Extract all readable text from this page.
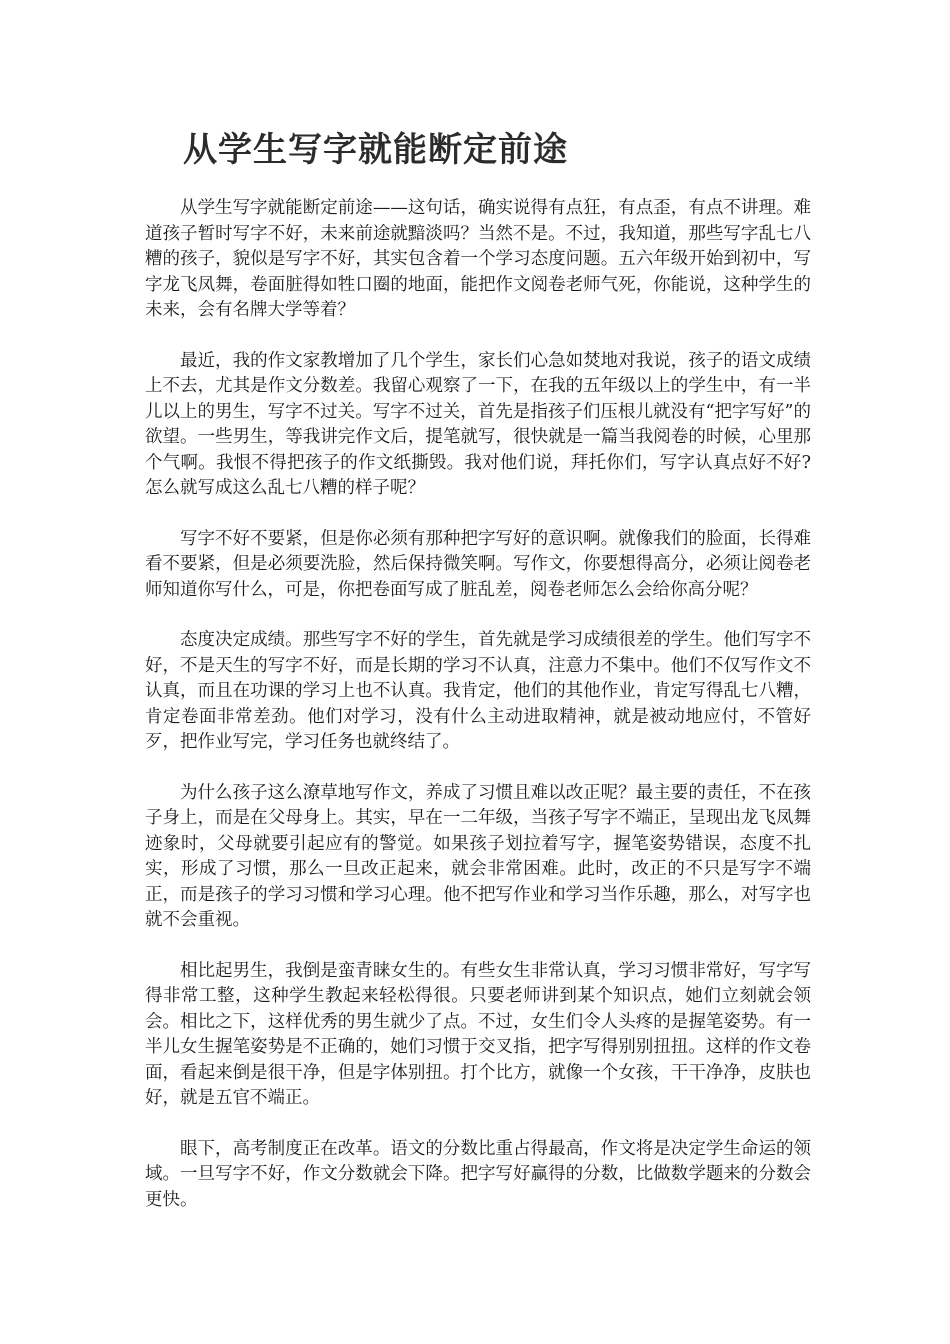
从学生写字就能断定前途

从学生写字就能断定前途——这句话，确实说得有点狂，有点歪，有点不讲理。难道孩子暂时写字不好，未来前途就黯淡吗？当然不是。不过，我知道，那些写字乱七八糟的孩子，貌似是写字不好，其实包含着一个学习态度问题。五六年级开始到初中，写字龙飞凤舞，卷面脏得如牲口圈的地面，能把作文阅卷老师气死，你能说，这种学生的未来，会有名牌大学等着？

最近，我的作文家教增加了几个学生，家长们心急如焚地对我说，孩子的语文成绩上不去，尤其是作文分数差。我留心观察了一下，在我的五年级以上的学生中，有一半儿以上的男生，写字不过关。写字不过关，首先是指孩子们压根儿就没有“把字写好”的欲望。一些男生，等我讲完作文后，提笔就写，很快就是一篇当我阅卷的时候，心里那个气啊。我恨不得把孩子的作文纸撕毁。我对他们说，拜托你们，写字认真点好不好?怎么就写成这么乱七八糟的样子呢？

写字不好不要紧，但是你必须有那种把字写好的意识啊。就像我们的脸面，长得难看不要紧，但是必须要洗脸，然后保持微笑啊。写作文，你要想得高分，必须让阅卷老师知道你写什么，可是，你把卷面写成了脏乱差，阅卷老师怎么会给你高分呢？

态度决定成绩。那些写字不好的学生，首先就是学习成绩很差的学生。他们写字不好，不是天生的写字不好，而是长期的学习不认真，注意力不集中。他们不仅写作文不认真，而且在功课的学习上也不认真。我肯定，他们的其他作业，肯定写得乱七八糟，肯定卷面非常差劲。他们对学习，没有什么主动进取精神，就是被动地应付，不管好歹，把作业写完，学习任务也就终结了。

为什么孩子这么潦草地写作文，养成了习惯且难以改正呢？最主要的责任，不在孩子身上，而是在父母身上。其实，早在一二年级，当孩子写字不端正，呈现出龙飞凤舞迹象时，父母就要引起应有的警觉。如果孩子划拉着写字，握笔姿势错误，态度不扎实，形成了习惯，那么一旦改正起来，就会非常困难。此时，改正的不只是写字不端正，而是孩子的学习习惯和学习心理。他不把写作业和学习当作乐趣，那么，对写字也就不会重视。

相比起男生，我倒是蛮青睐女生的。有些女生非常认真，学习习惯非常好，写字写得非常工整，这种学生教起来轻松得很。只要老师讲到某个知识点，她们立刻就会领会。相比之下，这样优秀的男生就少了点。不过，女生们令人头疼的是握笔姿势。有一半儿女生握笔姿势是不正确的，她们习惯于交叉指，把字写得别别扭扭。这样的作文卷面，看起来倒是很干净，但是字体别扭。打个比方，就像一个女孩，干干净净，皮肤也好，就是五官不端正。

眼下，高考制度正在改革。语文的分数比重占得最高，作文将是决定学生命运的领域。一旦写字不好，作文分数就会下降。把字写好赢得的分数，比做数学题来的分数会更快。
